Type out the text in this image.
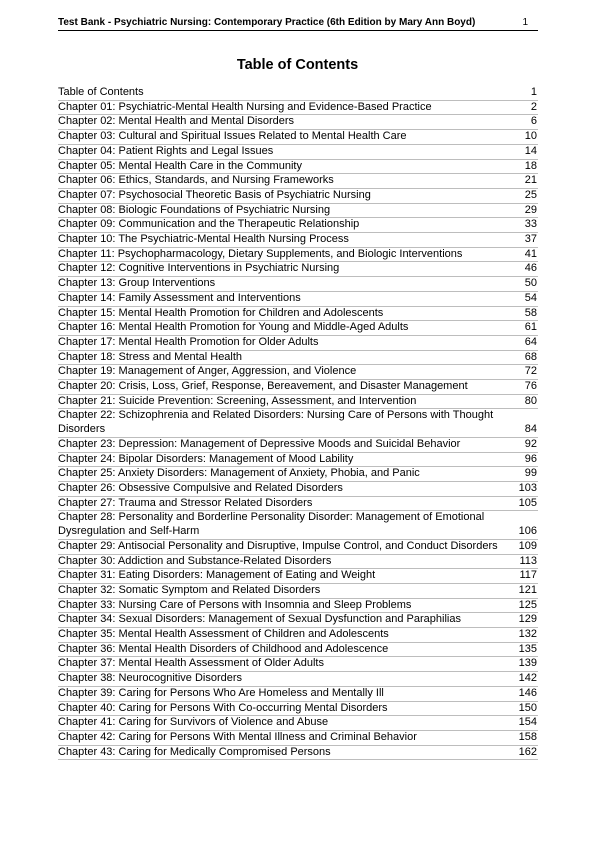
Test Bank - Psychiatric Nursing: Contemporary Practice (6th Edition by Mary Ann Boyd)	1
Table of Contents
Table of Contents	1
Chapter 01: Psychiatric-Mental Health Nursing and Evidence-Based Practice	2
Chapter 02: Mental Health and Mental Disorders	6
Chapter 03: Cultural and Spiritual Issues Related to Mental Health Care	10
Chapter 04: Patient Rights and Legal Issues	14
Chapter 05: Mental Health Care in the Community	18
Chapter 06: Ethics, Standards, and Nursing Frameworks	21
Chapter 07: Psychosocial Theoretic Basis of Psychiatric Nursing	25
Chapter 08: Biologic Foundations of Psychiatric Nursing	29
Chapter 09: Communication and the Therapeutic Relationship	33
Chapter 10: The Psychiatric-Mental Health Nursing Process	37
Chapter 11: Psychopharmacology, Dietary Supplements, and Biologic Interventions	41
Chapter 12: Cognitive Interventions in Psychiatric Nursing	46
Chapter 13: Group Interventions	50
Chapter 14: Family Assessment and Interventions	54
Chapter 15: Mental Health Promotion for Children and Adolescents	58
Chapter 16: Mental Health Promotion for Young and Middle-Aged Adults	61
Chapter 17: Mental Health Promotion for Older Adults	64
Chapter 18: Stress and Mental Health	68
Chapter 19: Management of Anger, Aggression, and Violence	72
Chapter 20: Crisis, Loss, Grief, Response, Bereavement, and Disaster Management	76
Chapter 21: Suicide Prevention: Screening, Assessment, and Intervention	80
Chapter 22: Schizophrenia and Related Disorders: Nursing Care of Persons with Thought Disorders	84
Chapter 23: Depression: Management of Depressive Moods and Suicidal Behavior	92
Chapter 24: Bipolar Disorders: Management of Mood Lability	96
Chapter 25: Anxiety Disorders: Management of Anxiety, Phobia, and Panic	99
Chapter 26: Obsessive Compulsive and Related Disorders	103
Chapter 27: Trauma and Stressor Related Disorders	105
Chapter 28: Personality and Borderline Personality Disorder: Management of Emotional Dysregulation and Self-Harm	106
Chapter 29: Antisocial Personality and Disruptive, Impulse Control, and Conduct Disorders	109
Chapter 30: Addiction and Substance-Related Disorders	113
Chapter 31: Eating Disorders: Management of Eating and Weight	117
Chapter 32: Somatic Symptom and Related Disorders	121
Chapter 33: Nursing Care of Persons with Insomnia and Sleep Problems	125
Chapter 34: Sexual Disorders: Management of Sexual Dysfunction and Paraphilias	129
Chapter 35: Mental Health Assessment of Children and Adolescents	132
Chapter 36: Mental Health Disorders of Childhood and Adolescence	135
Chapter 37: Mental Health Assessment of Older Adults	139
Chapter 38: Neurocognitive Disorders	142
Chapter 39: Caring for Persons Who Are Homeless and Mentally Ill	146
Chapter 40: Caring for Persons With Co-occurring Mental Disorders	150
Chapter 41: Caring for Survivors of Violence and Abuse	154
Chapter 42: Caring for Persons With Mental Illness and Criminal Behavior	158
Chapter 43: Caring for Medically Compromised Persons	162
